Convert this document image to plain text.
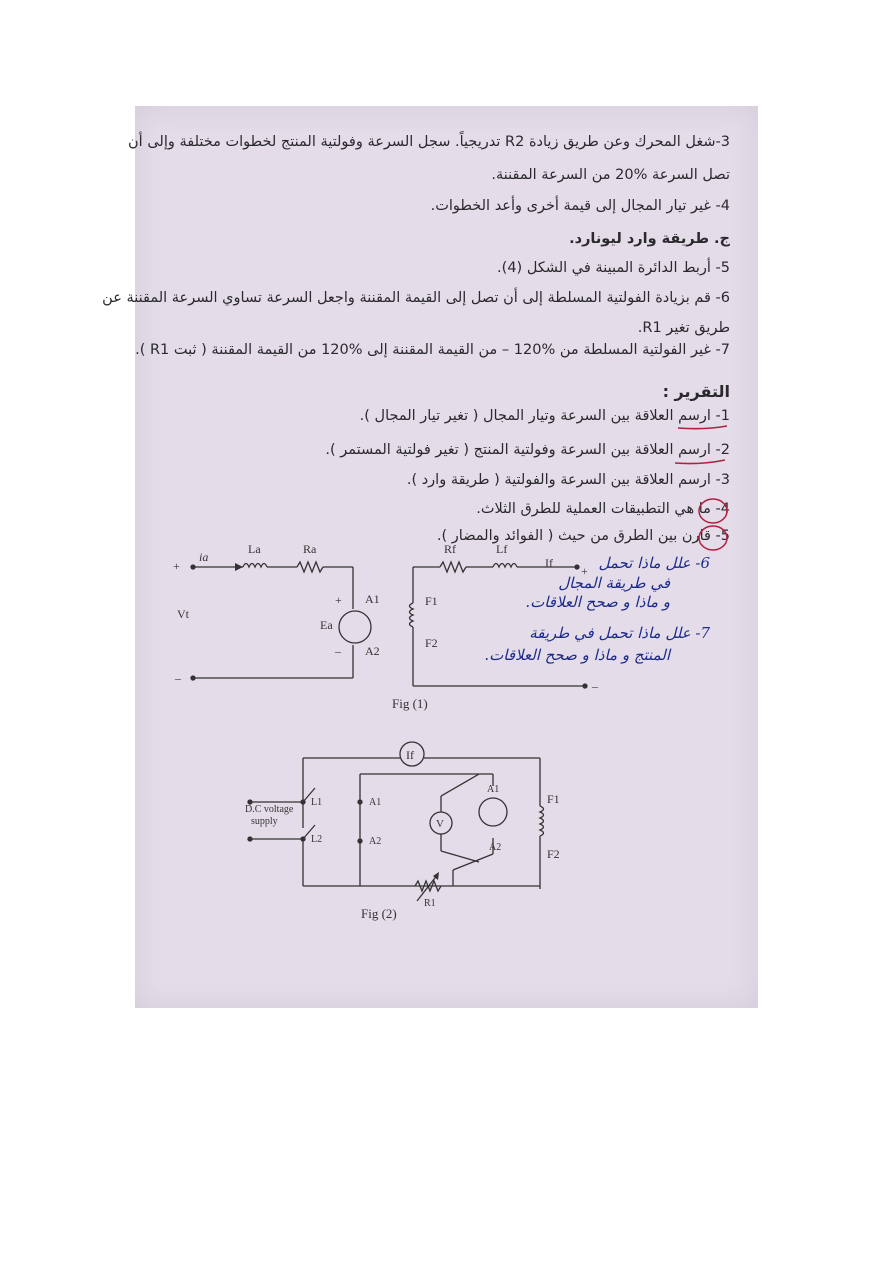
3-شغل المحرك وعن طريق زيادة R2 تدريجياً. سجل السرعة وفولتية المنتج لخطوات مختلفة وإلى أن
تصل السرعة %20 من السرعة المقننة.
4- غير تيار المجال إلى قيمة أخرى وأعد الخطوات.
ج. طريقة وارد ليونارد.
5- أربط الدائرة المبينة في الشكل (4).
6- قم بزيادة الفولتية المسلطة إلى أن تصل إلى القيمة المقننة واجعل السرعة تساوي السرعة المقننة عن
طريق تغير R1.
7- غير الفولتية المسلطة من %120 – من القيمة المقننة إلى %120 من القيمة المقننة ( ثبت R1 ).
التقرير :
1- ارسم العلاقة بين السرعة وتيار المجال ( تغير تيار المجال ).
2- ارسم العلاقة بين السرعة وفولتية المنتج ( تغير فولتية المستمر ).
3- ارسم العلاقة بين السرعة والفولتية ( طريقة وارد ).
4- ما هي التطبيقات العملية للطرق الثلاث.
5- قارن بين الطرق من حيث ( الفوائد والمضار ).
6- علل ماذا تحمل
في طريقة المجال
و ماذا و صحح العلاقات.
7- علل ماذا تحمل في طريقة
المنتج و ماذا و صحح العلاقات.
La	Ra
ia
+
–
Vt
Ea
+
–
A1
A2
Rf	Lf
If
F1
F2
+
–
Fig (1)
If
D.C voltage
supply
L1
L2
A1
A2
V
A1
A2
F1
F2
R1
Fig (2)
